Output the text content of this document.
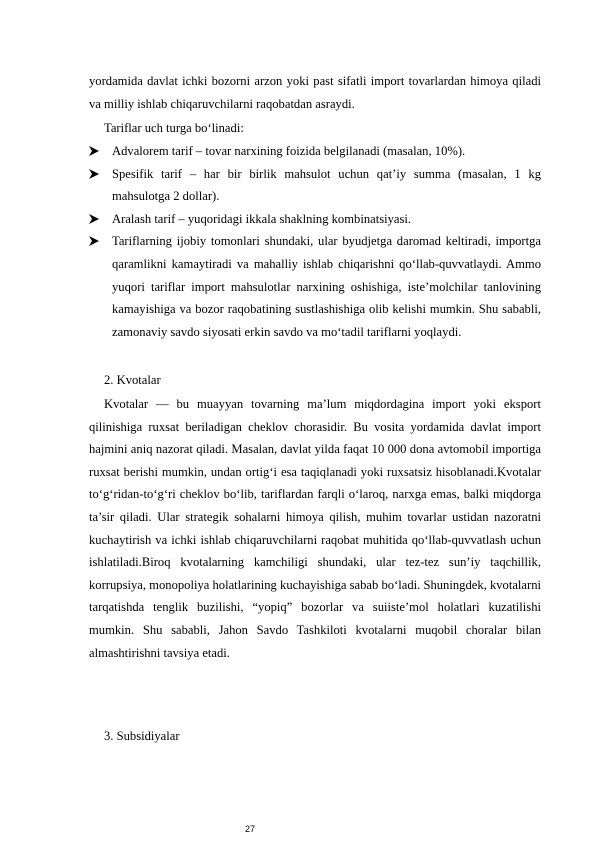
yordamida davlat ichki bozorni arzon yoki past sifatli import tovarlardan himoya qiladi va milliy ishlab chiqaruvchilarni raqobatdan asraydi.

Tariflar uch turga bo‘linadi:

Advalorem tarif – tovar narxining foizida belgilanadi (masalan, 10%).
Spesifik tarif – har bir birlik mahsulot uchun qat’iy summa (masalan, 1 kg mahsulotga 2 dollar).
Aralash tarif – yuqoridagi ikkala shaklning kombinatsiyasi.
Tariflarning ijobiy tomonlari shundaki, ular byudjetga daromad keltiradi, importga qaramlikni kamaytiradi va mahalliy ishlab chiqarishni qo‘llab-quvvatlaydi. Ammo yuqori tariflar import mahsulotlar narxining oshishiga, iste’molchilar tanlovining kamayishiga va bozor raqobatining sustlashishiga olib kelishi mumkin. Shu sababli, zamonaviy savdo siyosati erkin savdo va mo‘tadil tariflarni yoqlaydi.

2. Kvotalar

Kvotalar — bu muayyan tovarning ma’lum miqdordagina import yoki eksport qilinishiga ruxsat beriladigan cheklov chorasidir. Bu vosita yordamida davlat import hajmini aniq nazorat qiladi. Masalan, davlat yilda faqat 10 000 dona avtomobil importiga ruxsat berishi mumkin, undan ortig‘i esa taqiqlanadi yoki ruxsatsiz hisoblanadi.Kvotalar to‘g‘ridan-to‘g‘ri cheklov bo‘lib, tariflardan farqli o‘laroq, narxga emas, balki miqdorga ta’sir qiladi. Ular strategik sohalarni himoya qilish, muhim tovarlar ustidan nazoratni kuchaytirish va ichki ishlab chiqaruvchilarni raqobat muhitida qo‘llab-quvvatlash uchun ishlatiladi.Biroq kvotalarning kamchiligi shundaki, ular tez-tez sun’iy taqchillik, korrupsiya, monopoliya holatlarining kuchayishiga sabab bo‘ladi. Shuningdek, kvotalarni tarqatishda tenglik buzilishi, “yopiq” bozorlar va suiiste’mol holatlari kuzatilishi mumkin. Shu sababli, Jahon Savdo Tashkiloti kvotalarni muqobil choralar bilan almashtirishni tavsiya etadi.

3. Subsidiyalar

27
